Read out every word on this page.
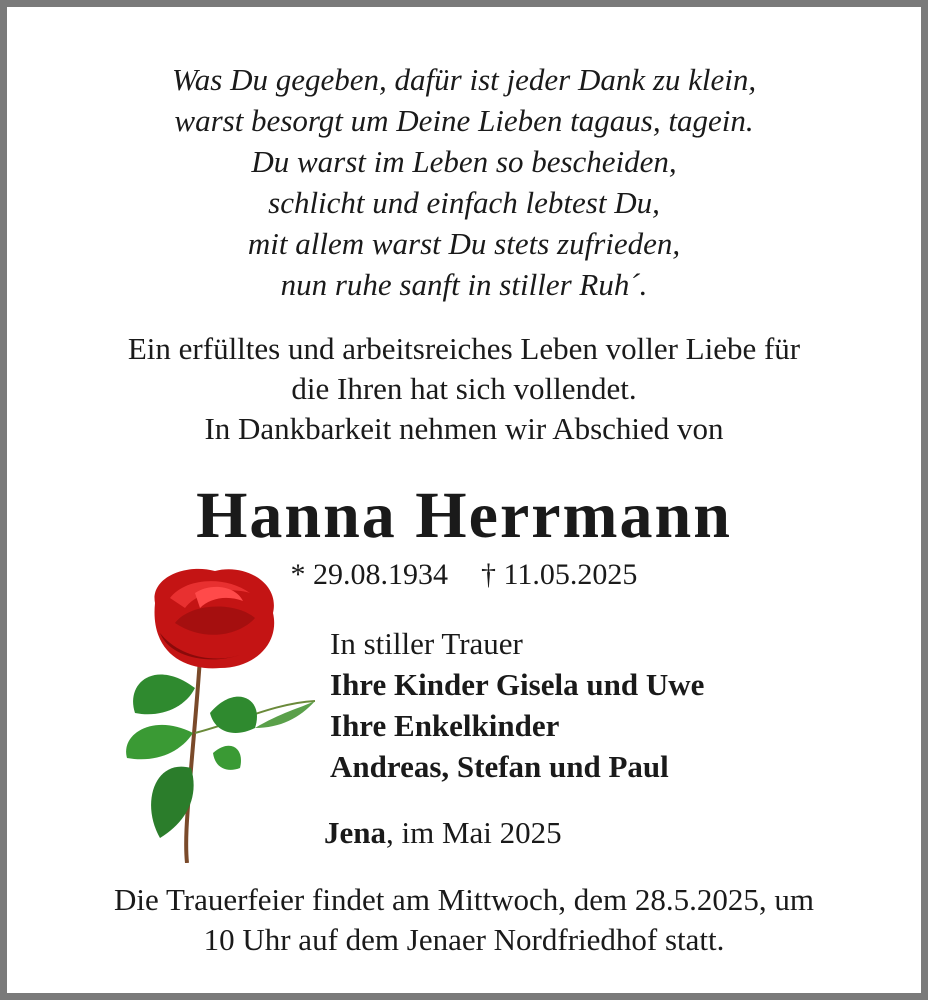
Was Du gegeben, dafür ist jeder Dank zu klein,
warst besorgt um Deine Lieben tagaus, tagein.
Du warst im Leben so bescheiden,
schlicht und einfach lebtest Du,
mit allem warst Du stets zufrieden,
nun ruhe sanft in stiller Ruh´.
Ein erfülltes und arbeitsreiches Leben voller Liebe für
die Ihren hat sich vollendet.
In Dankbarkeit nehmen wir Abschied von
Hanna Herrmann
* 29.08.1934 † 11.05.2025
In stiller Trauer
Ihre Kinder Gisela und Uwe
Ihre Enkelkinder
Andreas, Stefan und Paul
Jena, im Mai 2025
Die Trauerfeier findet am Mittwoch, dem 28.5.2025, um
10 Uhr auf dem Jenaer Nordfriedhof statt.
